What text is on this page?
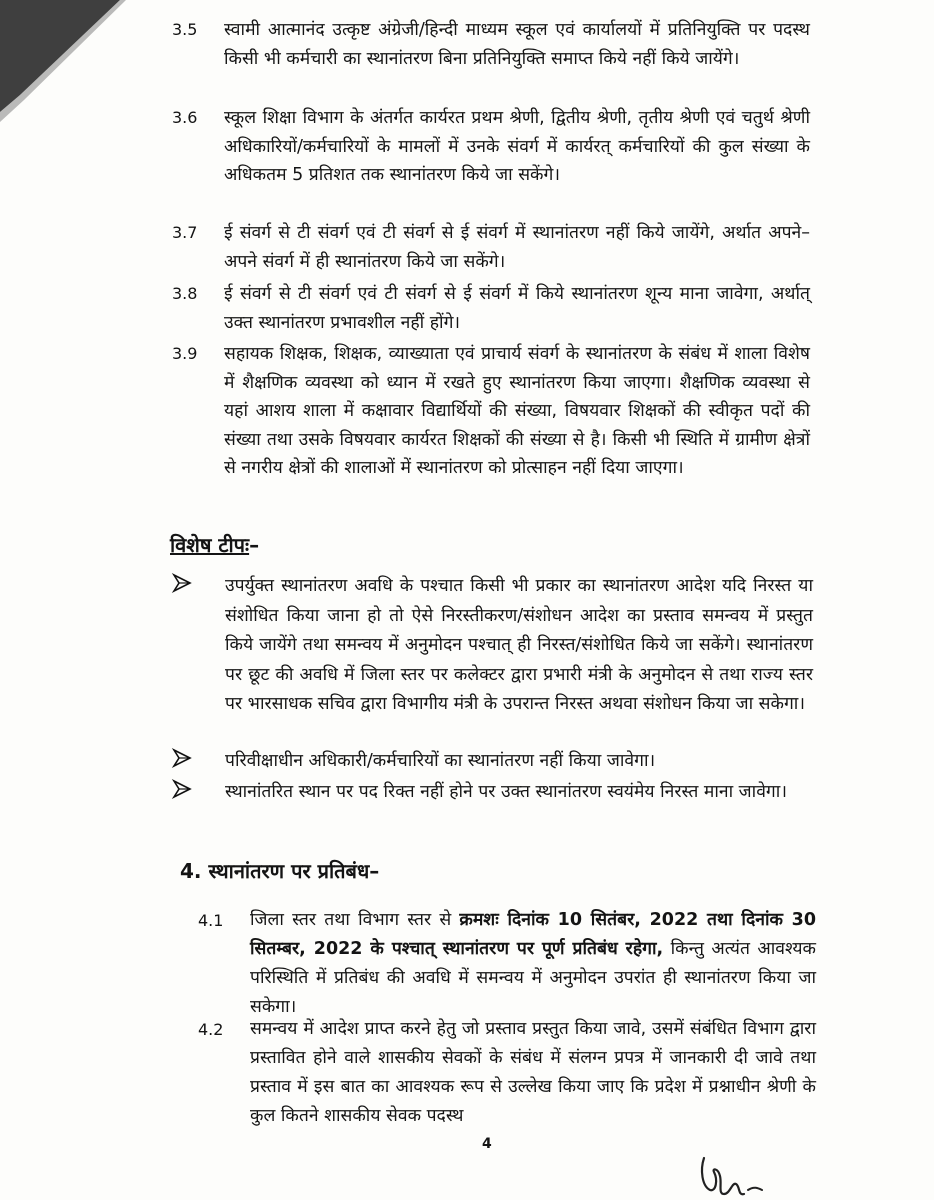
3.5 स्वामी आत्मानंद उत्कृष्ट अंग्रेजी/हिन्दी माध्यम स्कूल एवं कार्यालयों में प्रतिनियुक्ति पर पदस्थ किसी भी कर्मचारी का स्थानांतरण बिना प्रतिनियुक्ति समाप्त किये नहीं किये जायेंगे।
3.6 स्कूल शिक्षा विभाग के अंतर्गत कार्यरत प्रथम श्रेणी, द्वितीय श्रेणी, तृतीय श्रेणी एवं चतुर्थ श्रेणी अधिकारियों/कर्मचारियों के मामलों में उनके संवर्ग में कार्यरत् कर्मचारियों की कुल संख्या के अधिकतम 5 प्रतिशत तक स्थानांतरण किये जा सकेंगे।
3.7 ई संवर्ग से टी संवर्ग एवं टी संवर्ग से ई संवर्ग में स्थानांतरण नहीं किये जायेंगे, अर्थात अपने–अपने संवर्ग में ही स्थानांतरण किये जा सकेंगे।
3.8 ई संवर्ग से टी संवर्ग एवं टी संवर्ग से ई संवर्ग में किये स्थानांतरण शून्य माना जावेगा, अर्थात् उक्त स्थानांतरण प्रभावशील नहीं होंगे।
3.9 सहायक शिक्षक, शिक्षक, व्याख्याता एवं प्राचार्य संवर्ग के स्थानांतरण के संबंध में शाला विशेष में शैक्षणिक व्यवस्था को ध्यान में रखते हुए स्थानांतरण किया जाएगा। शैक्षणिक व्यवस्था से यहां आशय शाला में कक्षावार विद्यार्थियों की संख्या, विषयवार शिक्षकों की स्वीकृत पदों की संख्या तथा उसके विषयवार कार्यरत शिक्षकों की संख्या से है। किसी भी स्थिति में ग्रामीण क्षेत्रों से नगरीय क्षेत्रों की शालाओं में स्थानांतरण को प्रोत्साहन नहीं दिया जाएगा।
विशेष टीपः–
उपर्युक्त स्थानांतरण अवधि के पश्चात किसी भी प्रकार का स्थानांतरण आदेश यदि निरस्त या संशोधित किया जाना हो तो ऐसे निरस्तीकरण/संशोधन आदेश का प्रस्ताव समन्वय में प्रस्तुत किये जायेंगे तथा समन्वय में अनुमोदन पश्चात् ही निरस्त/संशोधित किये जा सकेंगे। स्थानांतरण पर छूट की अवधि में जिला स्तर पर कलेक्टर द्वारा प्रभारी मंत्री के अनुमोदन से तथा राज्य स्तर पर भारसाधक सचिव द्वारा विभागीय मंत्री के उपरान्त निरस्त अथवा संशोधन किया जा सकेगा।
परिवीक्षाधीन अधिकारी/कर्मचारियों का स्थानांतरण नहीं किया जावेगा।
स्थानांतरित स्थान पर पद रिक्त नहीं होने पर उक्त स्थानांतरण स्वयंमेय निरस्त माना जावेगा।
4. स्थानांतरण पर प्रतिबंध–
4.1 जिला स्तर तथा विभाग स्तर से क्रमशः दिनांक 10 सितंबर, 2022 तथा दिनांक 30 सितम्बर, 2022 के पश्चात् स्थानांतरण पर पूर्ण प्रतिबंध रहेगा, किन्तु अत्यंत आवश्यक परिस्थिति में प्रतिबंध की अवधि में समन्वय में अनुमोदन उपरांत ही स्थानांतरण किया जा सकेगा।
4.2 समन्वय में आदेश प्राप्त करने हेतु जो प्रस्ताव प्रस्तुत किया जावे, उसमें संबंधित विभाग द्वारा प्रस्तावित होने वाले शासकीय सेवकों के संबंध में संलग्न प्रपत्र में जानकारी दी जावे तथा प्रस्ताव में इस बात का आवश्यक रूप से उल्लेख किया जाए कि प्रदेश में प्रश्नाधीन श्रेणी के कुल कितने शासकीय सेवक पदस्थ
4
